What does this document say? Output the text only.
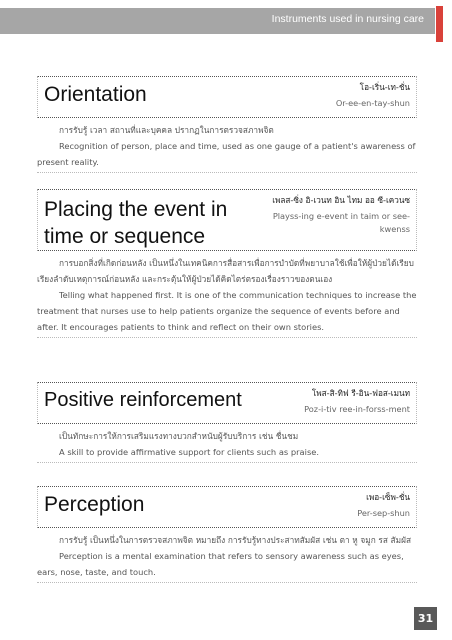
Instruments used in nursing care
Orientation	โอ-เริ่น-เท-ชั่น
Or-ee-en-tay-shun

การรับรู้ เวลา สถานที่และบุคคล ปรากฏในการตรวจสภาพจิต

Recognition of person, place and time, used as one gauge of a patient's awareness of present reality.

Placing the event in
time or sequence
เพลส-ซิ่ง อิ-เวนท อิน ไทม ออ ซี-เควนซ
Playss-ing e-event in taim or see-
kwenss

การบอกสิ่งที่เกิดก่อนหลัง เป็นหนึ่งในเทคนิคการสื่อสารเพื่อการบำบัดที่พยาบาลใช้เพื่อให้ผู้ป่วยได้เรียบเรียงลำดับเหตุการณ์ก่อนหลัง และกระตุ้นให้ผู้ป่วยได้คิดไตร่ตรองเรื่องราวของตนเอง

Telling what happened first. It is one of the communication techniques to increase the treatment that nurses use to help patients organize the sequence of events before and after. It encourages patients to think and reflect on their own stories.

Positive reinforcement	โพส-สิ-ทิฟ รี-อิน-ฟอส-เมนท
Poz-i-tiv ree-in-forss-ment

เป็นทักษะการให้การเสริมแรงทางบวกสำหนับผู้รับบริการ เช่น ชื่นชม

A skill to provide affirmative support for clients such as praise.

Perception	เพอ-เซ็พ-ชั่น
Per-sep-shun

การรับรู้ เป็นหนึ่งในการตรวจสภาพจิต หมายถึง การรับรู้ทางประสาทสัมผัส เช่น ตา หู จมูก รส สัมผัส

Perception is a mental examination that refers to sensory awareness such as eyes, ears, nose, taste, and touch.

31
